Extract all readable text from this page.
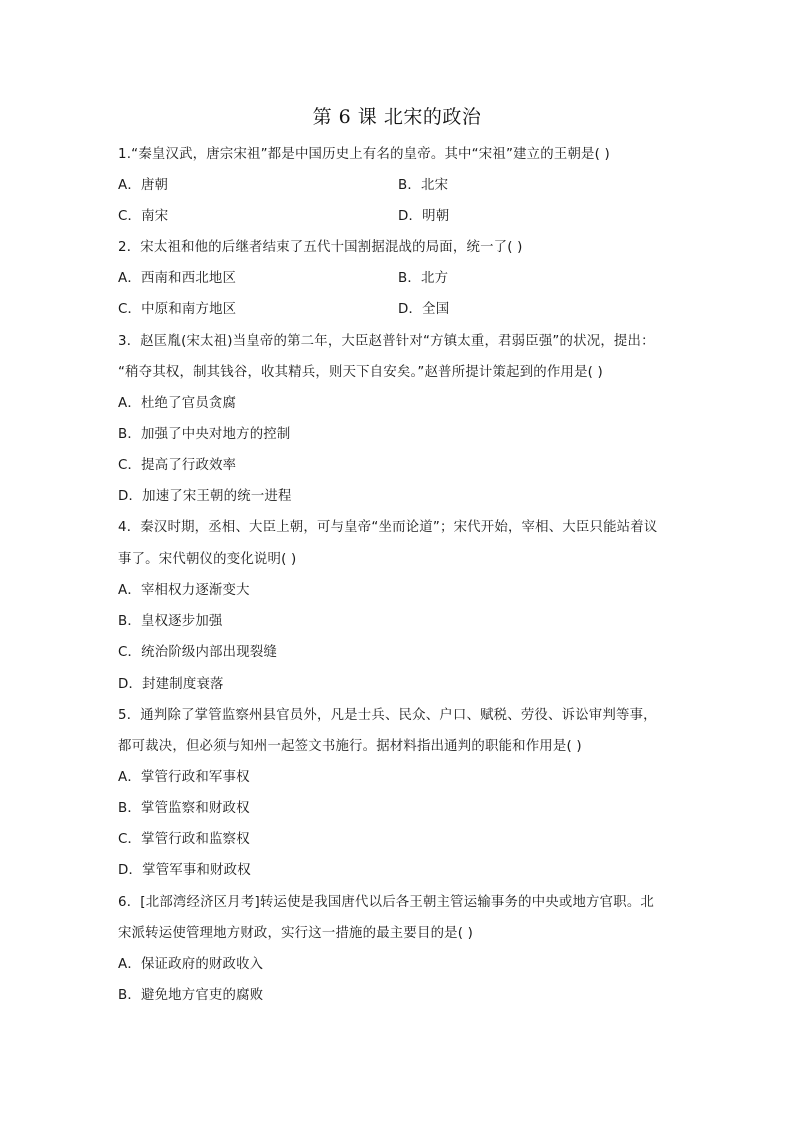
第 6 课 北宋的政治
1.“秦皇汉武，唐宗宋祖”都是中国历史上有名的皇帝。其中“宋祖”建立的王朝是( )
A．唐朝	B．北宋
C．南宋	D．明朝
2．宋太祖和他的后继者结束了五代十国割据混战的局面，统一了( )
A．西南和西北地区	B．北方
C．中原和南方地区	D．全国
3．赵匡胤(宋太祖)当皇帝的第二年，大臣赵普针对“方镇太重，君弱臣强”的状况，提出：
“稍夺其权，制其钱谷，收其精兵，则天下自安矣。”赵普所提计策起到的作用是( )
A．杜绝了官员贪腐
B．加强了中央对地方的控制
C．提高了行政效率
D．加速了宋王朝的统一进程
4．秦汉时期，丞相、大臣上朝，可与皇帝“坐而论道”；宋代开始，宰相、大臣只能站着议
事了。宋代朝仪的变化说明( )
A．宰相权力逐渐变大
B．皇权逐步加强
C．统治阶级内部出现裂缝
D．封建制度衰落
5．通判除了掌管监察州县官员外，凡是士兵、民众、户口、赋税、劳役、诉讼审判等事，
都可裁决，但必须与知州一起签文书施行。据材料指出通判的职能和作用是( )
A．掌管行政和军事权
B．掌管监察和财政权
C．掌管行政和监察权
D．掌管军事和财政权
6．[北部湾经济区月考]转运使是我国唐代以后各王朝主管运输事务的中央或地方官职。北
宋派转运使管理地方财政，实行这一措施的最主要目的是( )
A．保证政府的财政收入
B．避免地方官吏的腐败
